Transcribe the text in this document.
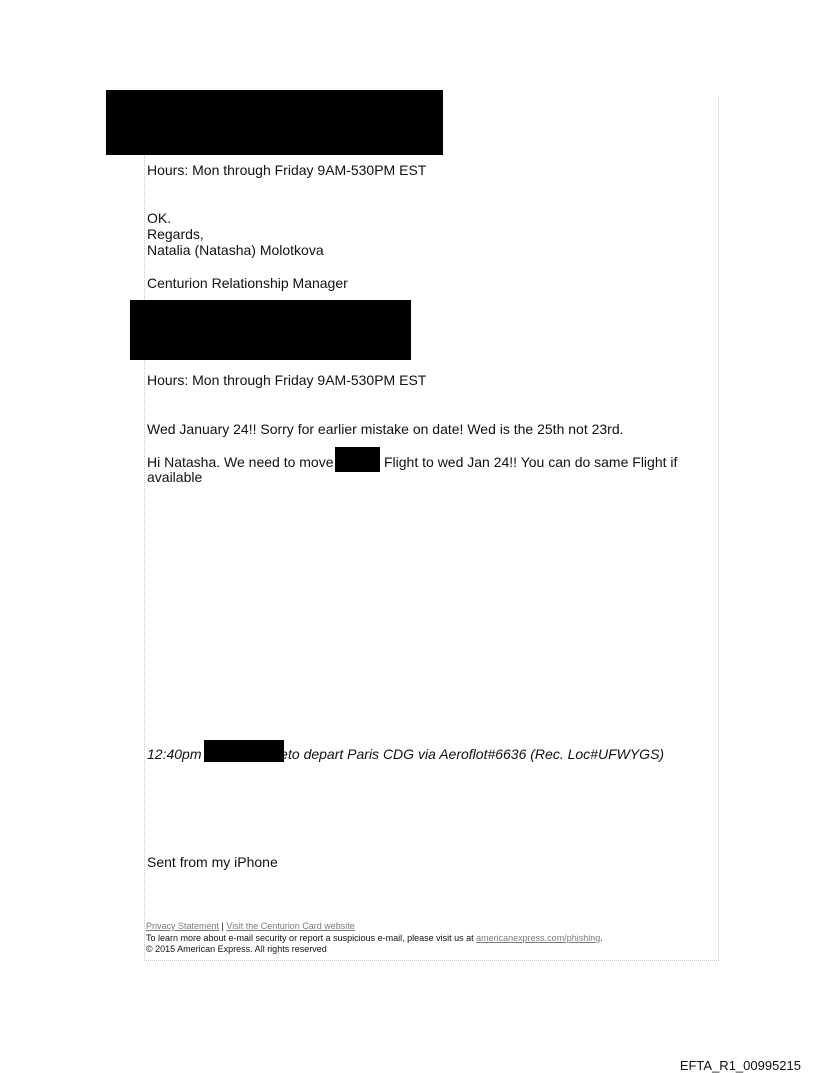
Hours: Mon through Friday 9AM-530PM EST
OK.
Regards,
Natalia (Natasha) Molotkova
Centurion Relationship Manager
Hours: Mon through Friday 9AM-530PM EST
Wed January 24!! Sorry for earlier mistake on date! Wed is the 25th not 23rd.
Hi Natasha. We need to move	Flight to wed Jan 24!! You can do same Flight if
available
12:40pm	e to depart Paris CDG via Aeroflot#6636 (Rec. Loc#UFWYGS)
Sent from my iPhone
Privacy Statement | Visit the Centurion Card website
To learn more about e-mail security or report a suspicious e-mail, please visit us at americanexpress.com/phishing.
© 2015 American Express. All rights reserved
EFTA_R1_00995215
